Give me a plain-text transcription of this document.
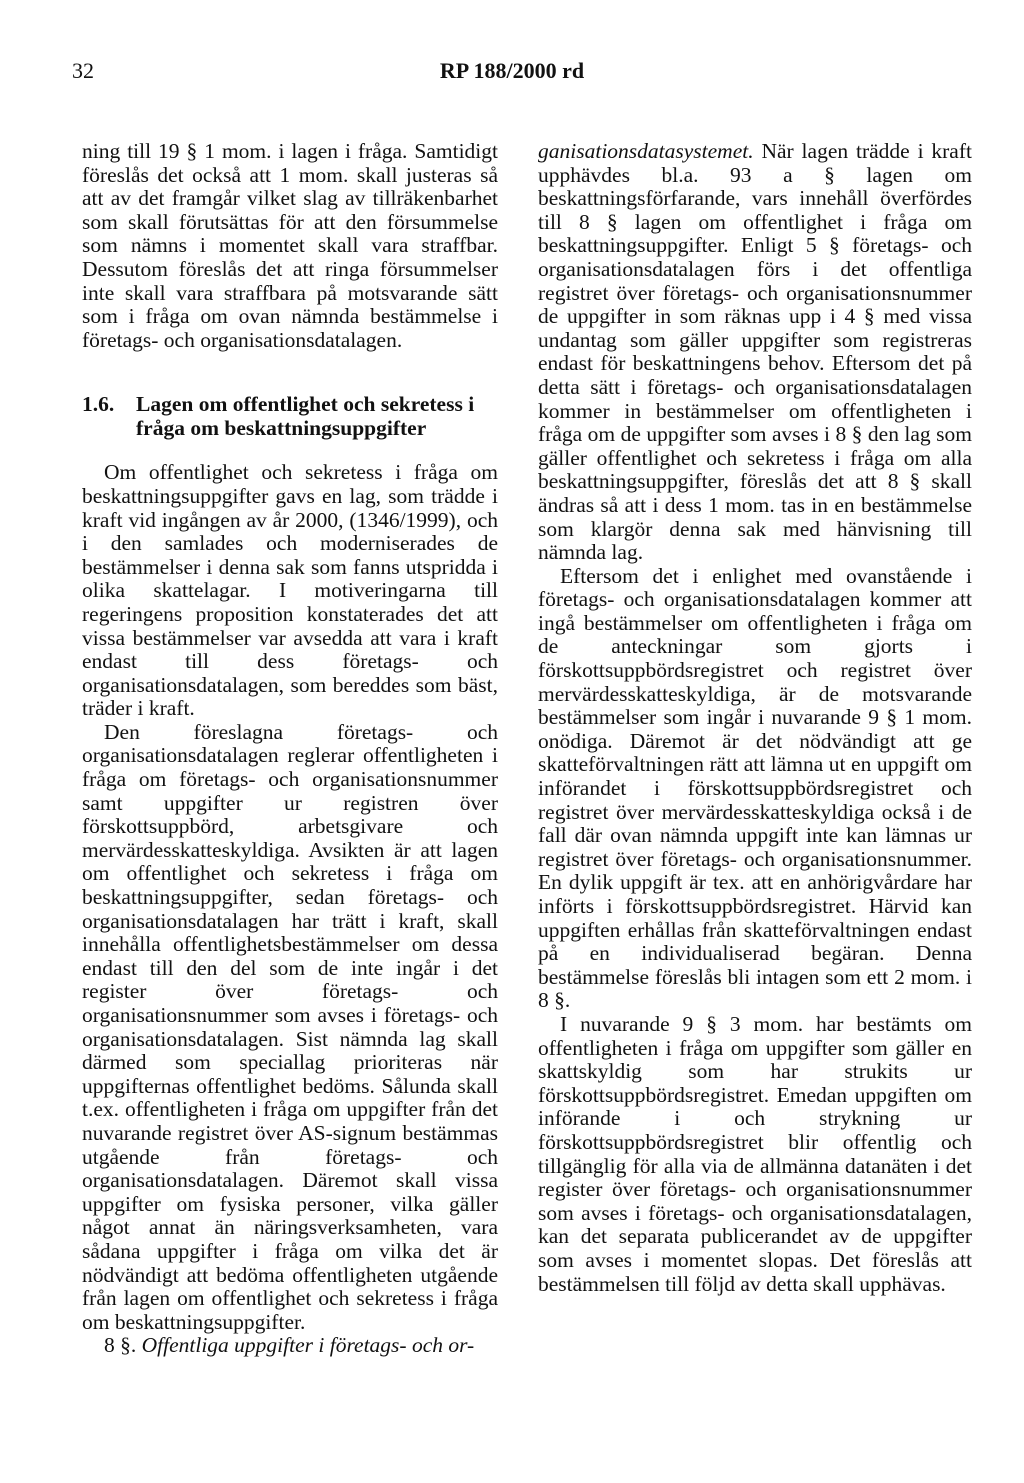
32	RP 188/2000 rd

ning till 19 § 1 mom. i lagen i fråga. Samtidigt föreslås det också att 1 mom. skall justeras så att av det framgår vilket slag av tillräkenbarhet som skall förutsättas för att den försummelse som nämns i momentet skall vara straffbar. Dessutom föreslås det att ringa försummelser inte skall vara straffbara på motsvarande sätt som i fråga om ovan nämnda bestämmelse i företags- och organisationsdatalagen.

1.6.	Lagen om offentlighet och sekretess i fråga om beskattningsuppgifter

Om offentlighet och sekretess i fråga om beskattningsuppgifter gavs en lag, som trädde i kraft vid ingången av år 2000, (1346/1999), och i den samlades och moderniserades de bestämmelser i denna sak som fanns utspridda i olika skattelagar. I motiveringarna till regeringens proposition konstaterades det att vissa bestämmelser var avsedda att vara i kraft endast till dess företags- och organisationsdatalagen, som bereddes som bäst, träder i kraft.

Den föreslagna företags- och organisationsdatalagen reglerar offentligheten i fråga om företags- och organisationsnummer samt uppgifter ur registren över förskottsuppbörd, arbetsgivare och mervärdesskatteskyldiga. Avsikten är att lagen om offentlighet och sekretess i fråga om beskattningsuppgifter, sedan företags- och organisationsdatalagen har trätt i kraft, skall innehålla offentlighetsbestämmelser om dessa endast till den del som de inte ingår i det register över företags- och organisationsnummer som avses i företags- och organisationsdatalagen. Sist nämnda lag skall därmed som speciallag prioriteras när uppgifternas offentlighet bedöms. Sålunda skall t.ex. offentligheten i fråga om uppgifter från det nuvarande registret över AS-signum bestämmas utgående från företags- och organisationsdatalagen. Däremot skall vissa uppgifter om fysiska personer, vilka gäller något annat än näringsverksamheten, vara sådana uppgifter i fråga om vilka det är nödvändigt att bedöma offentligheten utgående från lagen om offentlighet och sekretess i fråga om beskattningsuppgifter.

8 §. Offentliga uppgifter i företags- och or-

ganisationsdatasystemet. När lagen trädde i kraft upphävdes bl.a. 93 a § lagen om beskattningsförfarande, vars innehåll överfördes till 8 § lagen om offentlighet i fråga om beskattningsuppgifter. Enligt 5 § företags- och organisationsdatalagen förs i det offentliga registret över företags- och organisationsnummer de uppgifter in som räknas upp i 4 § med vissa undantag som gäller uppgifter som registreras endast för beskattningens behov. Eftersom det på detta sätt i företags- och organisationsdatalagen kommer in bestämmelser om offentligheten i fråga om de uppgifter som avses i 8 § den lag som gäller offentlighet och sekretess i fråga om alla beskattningsuppgifter, föreslås det att 8 § skall ändras så att i dess 1 mom. tas in en bestämmelse som klargör denna sak med hänvisning till nämnda lag.

Eftersom det i enlighet med ovanstående i företags- och organisationsdatalagen kommer att ingå bestämmelser om offentligheten i fråga om de anteckningar som gjorts i förskottsuppbördsregistret och registret över mervärdesskatteskyldiga, är de motsvarande bestämmelser som ingår i nuvarande 9 § 1 mom. onödiga. Däremot är det nödvändigt att ge skatteförvaltningen rätt att lämna ut en uppgift om införandet i förskottsuppbördsregistret och registret över mervärdesskatteskyldiga också i de fall där ovan nämnda uppgift inte kan lämnas ur registret över företags- och organisationsnummer. En dylik uppgift är tex. att en anhörigvårdare har införts i förskottsuppbördsregistret. Härvid kan uppgiften erhållas från skatteförvaltningen endast på en individualiserad begäran. Denna bestämmelse föreslås bli intagen som ett 2 mom. i 8 §.

I nuvarande 9 § 3 mom. har bestämts om offentligheten i fråga om uppgifter som gäller en skattskyldig som har strukits ur förskottsuppbördsregistret. Emedan uppgiften om införande i och strykning ur förskottsuppbördsregistret blir offentlig och tillgänglig för alla via de allmänna datanäten i det register över företags- och organisationsnummer som avses i företags- och organisationsdatalagen, kan det separata publicerandet av de uppgifter som avses i momentet slopas. Det föreslås att bestämmelsen till följd av detta skall upphävas.
